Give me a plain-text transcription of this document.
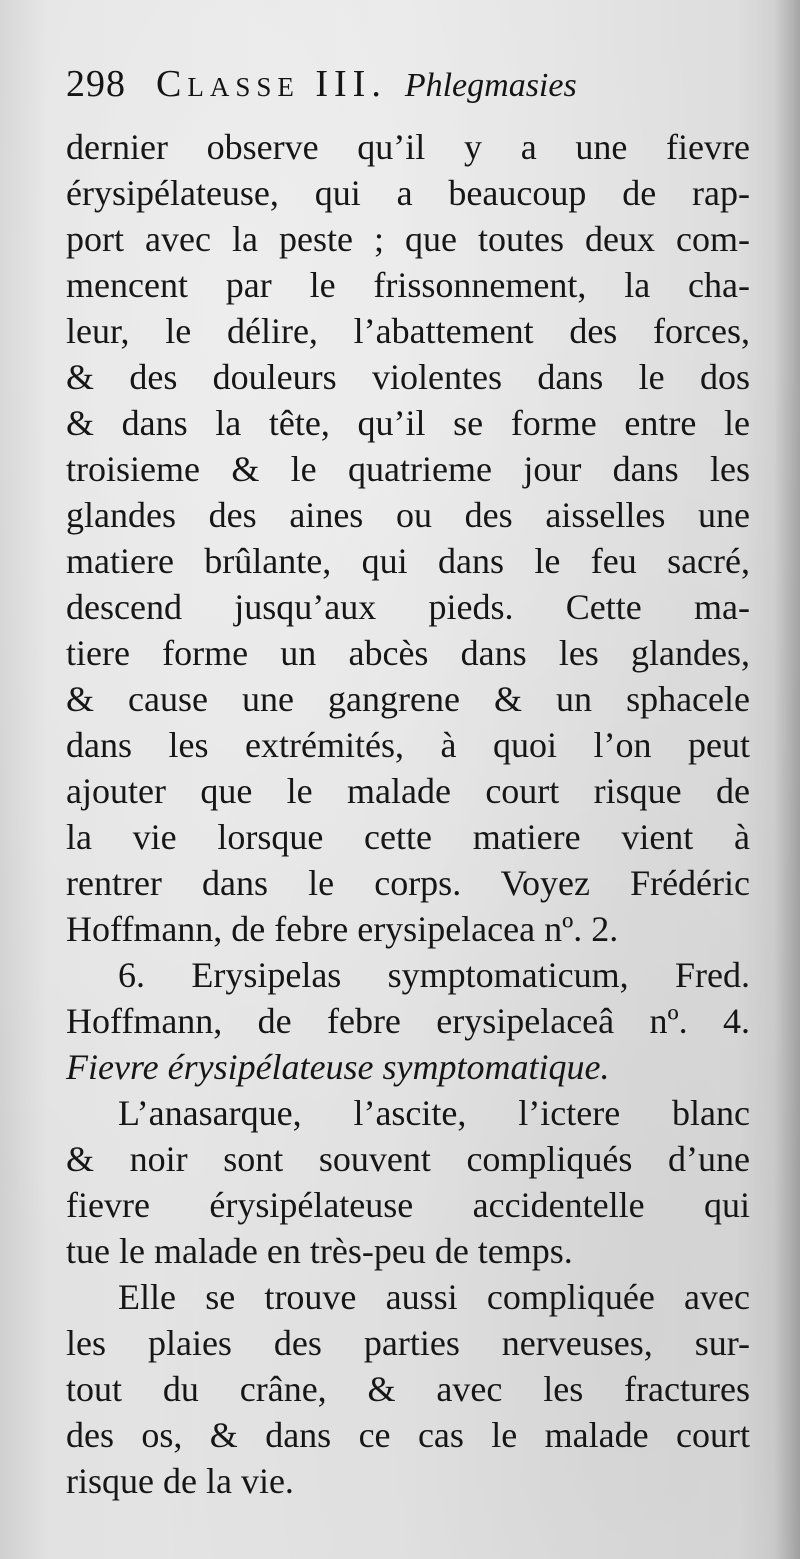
298 Classe III. Phlegmasies
dernier observe qu’il y a une fievre
érysipélateuse, qui a beaucoup de rap-
port avec la peste ; que toutes deux com-
mencent par le frissonnement, la cha-
leur, le délire, l’abattement des forces,
& des douleurs violentes dans le dos
& dans la tête, qu’il se forme entre le
troisieme & le quatrieme jour dans les
glandes des aines ou des aisselles une
matiere brûlante, qui dans le feu sacré,
descend jusqu’aux pieds. Cette ma-
tiere forme un abcès dans les glandes,
& cause une gangrene & un sphacele
dans les extrémités, à quoi l’on peut
ajouter que le malade court risque de
la vie lorsque cette matiere vient à
rentrer dans le corps. Voyez Frédéric
Hoffmann, de febre erysipelacea nº. 2.
6. Erysipelas symptomaticum, Fred.
Hoffmann, de febre erysipelaceâ nº. 4.
Fievre érysipélateuse symptomatique.
L’anasarque, l’ascite, l’ictere blanc
& noir sont souvent compliqués d’une
fievre érysipélateuse accidentelle qui
tue le malade en très-peu de temps.
Elle se trouve aussi compliquée avec
les plaies des parties nerveuses, sur-
tout du crâne, & avec les fractures
des os, & dans ce cas le malade court
risque de la vie.
